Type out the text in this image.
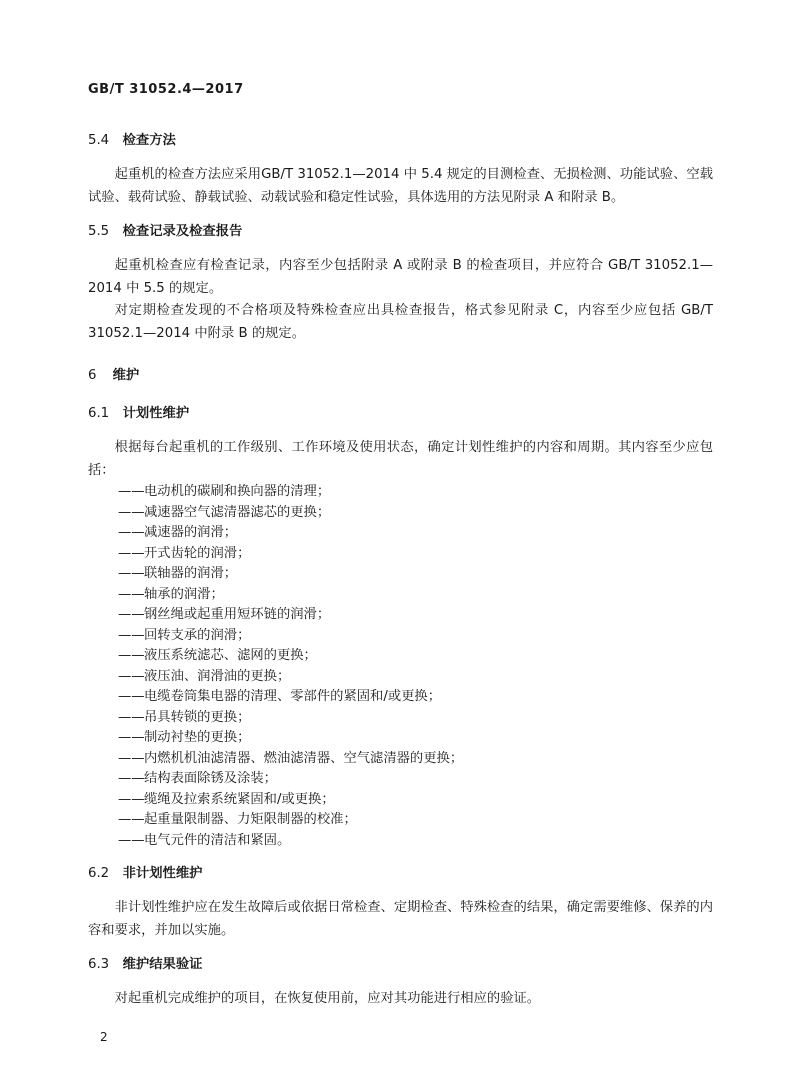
GB/T 31052.4—2017

5.4 检查方法

起重机的检查方法应采用GB/T 31052.1—2014 中 5.4 规定的目测检查、无损检测、功能试验、空载试验、载荷试验、静载试验、动载试验和稳定性试验，具体选用的方法见附录 A 和附录 B。

5.5 检查记录及检查报告

起重机检查应有检查记录，内容至少包括附录 A 或附录 B 的检查项目，并应符合 GB/T 31052.1—2014 中 5.5 的规定。

对定期检查发现的不合格项及特殊检查应出具检查报告，格式参见附录 C，内容至少应包括 GB/T 31052.1—2014 中附录 B 的规定。

6 维护

6.1 计划性维护

根据每台起重机的工作级别、工作环境及使用状态，确定计划性维护的内容和周期。其内容至少应包括：

—— 电动机的碳刷和换向器的清理；
—— 减速器空气滤清器滤芯的更换；
—— 减速器的润滑；
—— 开式齿轮的润滑；
—— 联轴器的润滑；
—— 轴承的润滑；
—— 钢丝绳或起重用短环链的润滑；
—— 回转支承的润滑；
—— 液压系统滤芯、滤网的更换；
—— 液压油、润滑油的更换；
—— 电缆卷筒集电器的清理、零部件的紧固和/或更换；
—— 吊具转锁的更换；
—— 制动衬垫的更换；
—— 内燃机机油滤清器、燃油滤清器、空气滤清器的更换；
—— 结构表面除锈及涂装；
—— 缆绳及拉索系统紧固和/或更换；
—— 起重量限制器、力矩限制器的校准；
—— 电气元件的清洁和紧固。

6.2 非计划性维护

非计划性维护应在发生故障后或依据日常检查、定期检查、特殊检查的结果，确定需要维修、保养的内容和要求，并加以实施。

6.3 维护结果验证

对起重机完成维护的项目，在恢复使用前，应对其功能进行相应的验证。

2
